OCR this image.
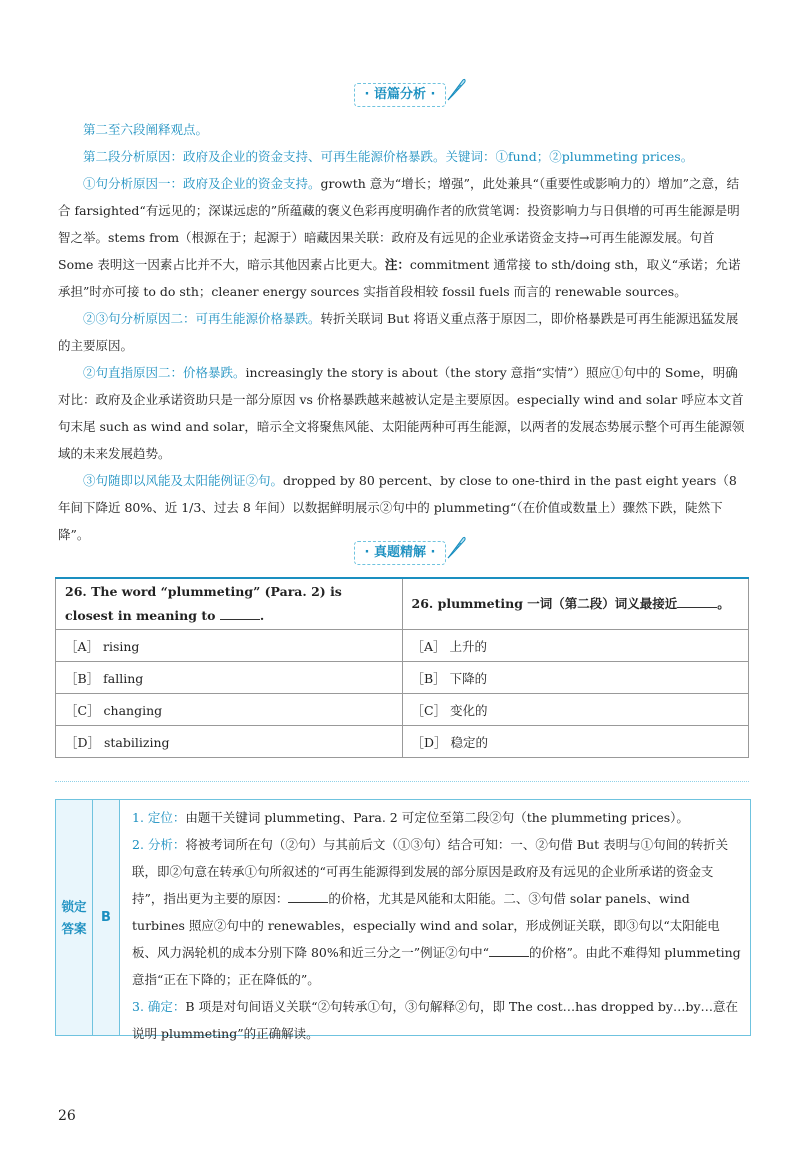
· 语篇分析 ·

第二至六段阐释观点。

第二段分析原因：政府及企业的资金支持、可再生能源价格暴跌。关键词：①fund；②plummeting prices。

①句分析原因一：政府及企业的资金支持。growth 意为“增长；增强”，此处兼具“（重要性或影响力的）增加”之意，结合 farsighted“有远见的；深谋远虑的”所蕴藏的褒义色彩再度明确作者的欣赏笔调：投资影响力与日俱增的可再生能源是明智之举。stems from（根源在于；起源于）暗藏因果关联：政府及有远见的企业承诺资金支持→可再生能源发展。句首 Some 表明这一因素占比并不大，暗示其他因素占比更大。注：commitment 通常接 to sth/doing sth，取义“承诺；允诺承担”时亦可接 to do sth；cleaner energy sources 实指首段相较 fossil fuels 而言的 renewable sources。

②③句分析原因二：可再生能源价格暴跌。转折关联词 But 将语义重点落于原因二，即价格暴跌是可再生能源迅猛发展的主要原因。

②句直指原因二：价格暴跌。increasingly the story is about（the story 意指“实情”）照应①句中的 Some，明确对比：政府及企业承诺资助只是一部分原因 vs 价格暴跌越来越被认定是主要原因。especially wind and solar 呼应本文首句末尾 such as wind and solar，暗示全文将聚焦风能、太阳能两种可再生能源，以两者的发展态势展示整个可再生能源领域的未来发展趋势。

③句随即以风能及太阳能例证②句。dropped by 80 percent、by close to one-third in the past eight years（8 年间下降近 80%、近 1/3、过去 8 年间）以数据鲜明展示②句中的 plummeting“（在价值或数量上）骤然下跌，陡然下降”。

· 真题精解 ·
26. The word “plummeting” (Para. 2) is closest in meaning to .	26. plummeting 一词（第二段）词义最接近 。
［A］ rising	［A］ 上升的
［B］ falling	［B］ 下降的
［C］ changing	［C］ 变化的
［D］ stabilizing	［D］ 稳定的
锁定
答案
B

1. 定位：由题干关键词 plummeting、Para. 2 可定位至第二段②句（the plummeting prices）。

2. 分析：将被考词所在句（②句）与其前后文（①③句）结合可知：一、②句借 But 表明与①句间的转折关联，即②句意在转承①句所叙述的“可再生能源得到发展的部分原因是政府及有远见的企业所承诺的资金支持”，指出更为主要的原因：	的价格，尤其是风能和太阳能。二、③句借 solar panels、wind turbines 照应②句中的 renewables，especially wind and solar，形成例证关联，即③句以“太阳能电板、风力涡轮机的成本分别下降 80%和近三分之一”例证②句中“	的价格”。由此不难得知 plummeting 意指“正在下降的；正在降低的”。

3. 确定：B 项是对句间语义关联“②句转承①句，③句解释②句，即 The cost…has dropped by…by…意在说明 plummeting”的正确解读。

26
